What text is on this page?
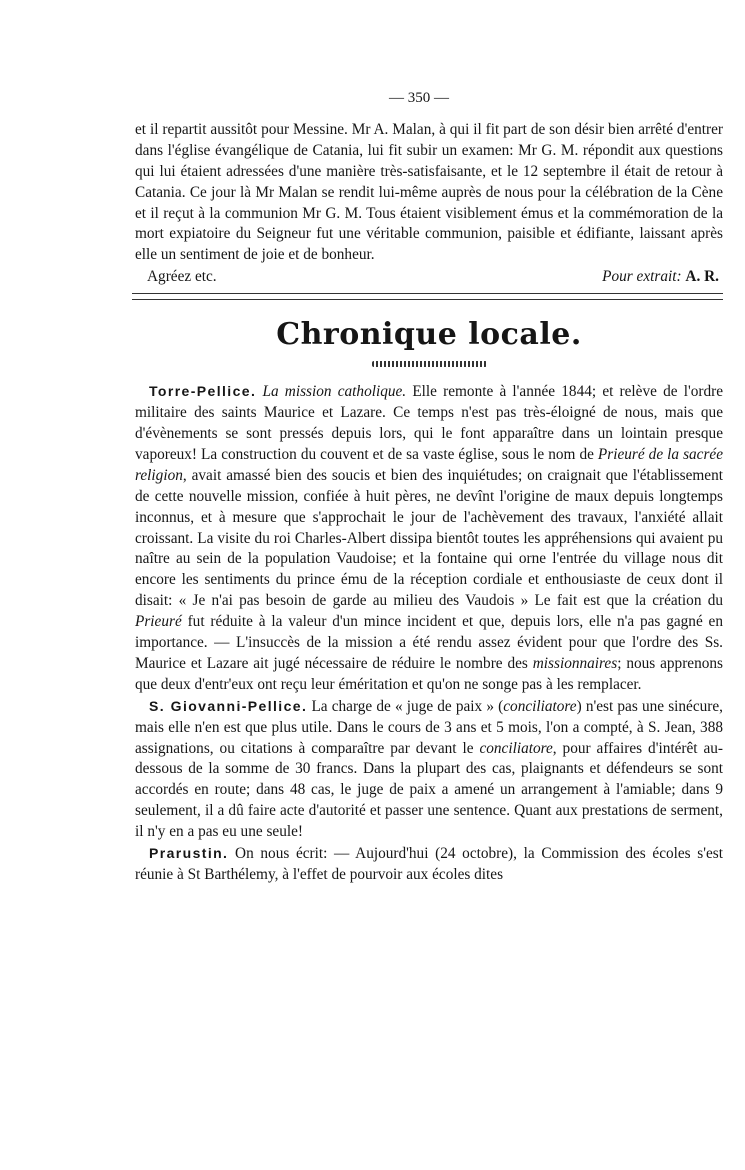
— 350 —

et il repartit aussitôt pour Messine. Mr A. Malan, à qui il fit part de son désir bien arrêté d'entrer dans l'église évangélique de Catania, lui fit subir un examen: Mr G. M. répondit aux questions qui lui étaient adressées d'une manière très-satisfaisante, et le 12 septembre il était de retour à Catania. Ce jour là Mr Malan se rendit lui-même auprès de nous pour la célébration de la Cène et il reçut à la communion Mr G. M. Tous étaient visiblement émus et la commémoration de la mort expiatoire du Seigneur fut une véritable communion, paisible et édifiante, laissant après elle un sentiment de joie et de bonheur.

Agréez etc.	Pour extrait: A. R.
Chronique locale.

Torre-Pellice. La mission catholique. Elle remonte à l'année 1844; et relève de l'ordre militaire des saints Maurice et Lazare. Ce temps n'est pas très-éloigné de nous, mais que d'évènements se sont pressés depuis lors, qui le font apparaître dans un lointain presque vaporeux! La construction du couvent et de sa vaste église, sous le nom de Prieuré de la sacrée religion, avait amassé bien des soucis et bien des inquiétudes; on craignait que l'établissement de cette nouvelle mission, confiée à huit pères, ne devînt l'origine de maux depuis longtemps inconnus, et à mesure que s'approchait le jour de l'achèvement des travaux, l'anxiété allait croissant. La visite du roi Charles-Albert dissipa bientôt toutes les appréhensions qui avaient pu naître au sein de la population Vaudoise; et la fontaine qui orne l'entrée du village nous dit encore les sentiments du prince ému de la réception cordiale et enthousiaste de ceux dont il disait: « Je n'ai pas besoin de garde au milieu des Vaudois » Le fait est que la création du Prieuré fut réduite à la valeur d'un mince incident et que, depuis lors, elle n'a pas gagné en importance. — L'insuccès de la mission a été rendu assez évident pour que l'ordre des Ss. Maurice et Lazare ait jugé nécessaire de réduire le nombre des missionnaires; nous apprenons que deux d'entr'eux ont reçu leur éméritation et qu'on ne songe pas à les remplacer.

S. Giovanni-Pellice. La charge de « juge de paix » (conciliatore) n'est pas une sinécure, mais elle n'en est que plus utile. Dans le cours de 3 ans et 5 mois, l'on a compté, à S. Jean, 388 assignations, ou citations à comparaître par devant le conciliatore, pour affaires d'intérêt au-dessous de la somme de 30 francs. Dans la plupart des cas, plaignants et défendeurs se sont accordés en route; dans 48 cas, le juge de paix a amené un arrangement à l'amiable; dans 9 seulement, il a dû faire acte d'autorité et passer une sentence. Quant aux prestations de serment, il n'y en a pas eu une seule!

Prarustin. On nous écrit: — Aujourd'hui (24 octobre), la Commission des écoles s'est réunie à St Barthélemy, à l'effet de pourvoir aux écoles dites
